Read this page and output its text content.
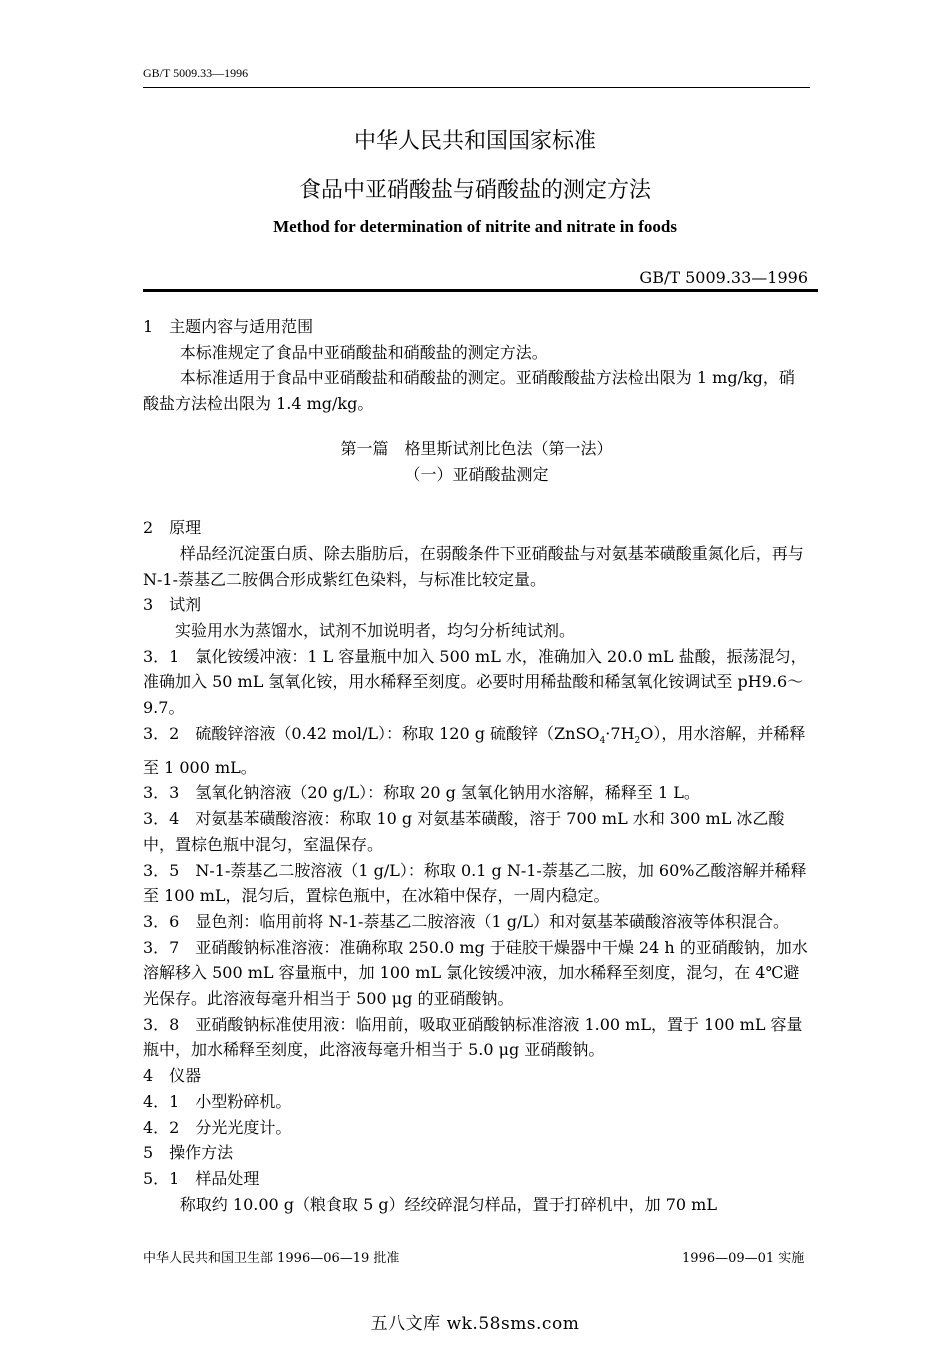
GB/T 5009.33—1996
中华人民共和国国家标准
食品中亚硝酸盐与硝酸盐的测定方法
Method for determination of nitrite and nitrate in foods
GB/T 5009.33—1996

1　主题内容与适用范围

本标准规定了食品中亚硝酸盐和硝酸盐的测定方法。

本标准适用于食品中亚硝酸盐和硝酸盐的测定。亚硝酸酸盐方法检出限为 1 mg/kg，硝酸盐方法检出限为 1.4 mg/kg。

第一篇　格里斯试剂比色法（第一法）

（一）亚硝酸盐测定

2　原理

样品经沉淀蛋白质、除去脂肪后，在弱酸条件下亚硝酸盐与对氨基苯磺酸重氮化后，再与 N-1-萘基乙二胺偶合形成紫红色染料，与标准比较定量。

3　试剂

实验用水为蒸馏水，试剂不加说明者，均匀分析纯试剂。

3．1　氯化铵缓冲液：1 L 容量瓶中加入 500 mL 水，准确加入 20.0 mL 盐酸，振荡混匀，准确加入 50 mL 氢氧化铵，用水稀释至刻度。必要时用稀盐酸和稀氢氧化铵调试至 pH9.6～9.7。

3．2　硫酸锌溶液（0.42 mol/L）：称取 120 g 硫酸锌$(ZnSO_4\cdot 7H_2O)$，用水溶解，并稀释至 1 000 mL。

3．3　氢氧化钠溶液（20 g/L）：称取 20 g 氢氧化钠用水溶解，稀释至 1 L。

3．4　对氨基苯磺酸溶液：称取 10 g 对氨基苯磺酸，溶于 700 mL 水和 300 mL 冰乙酸中，置棕色瓶中混匀，室温保存。

3．5　N-1-萘基乙二胺溶液（1 g/L）：称取 0.1 g N-1-萘基乙二胺，加 60%乙酸溶解并稀释至 100 mL，混匀后，置棕色瓶中，在冰箱中保存，一周内稳定。

3．6　显色剂：临用前将 N-1-萘基乙二胺溶液（1 g/L）和对氨基苯磺酸溶液等体积混合。

3．7　亚硝酸钠标准溶液：准确称取 250.0 mg 于硅胶干燥器中干燥 24 h 的亚硝酸钠，加水溶解移入 500 mL 容量瓶中，加 100 mL 氯化铵缓冲液，加水稀释至刻度，混匀，在 4℃避光保存。此溶液每毫升相当于 500 μg 的亚硝酸钠。

3．8　亚硝酸钠标准使用液：临用前，吸取亚硝酸钠标准溶液 1.00 mL，置于 100 mL 容量瓶中，加水稀释至刻度，此溶液每毫升相当于 5.0 μg 亚硝酸钠。

4　仪器

4．1　小型粉碎机。

4．2　分光光度计。

5　操作方法

5．1　样品处理

称取约 10.00 g（粮食取 5 g）经绞碎混匀样品，置于打碎机中，加 70 mL

中华人民共和国卫生部 1996—06—19 批准	1996—09—01 实施
五八文库 wk.58sms.com
